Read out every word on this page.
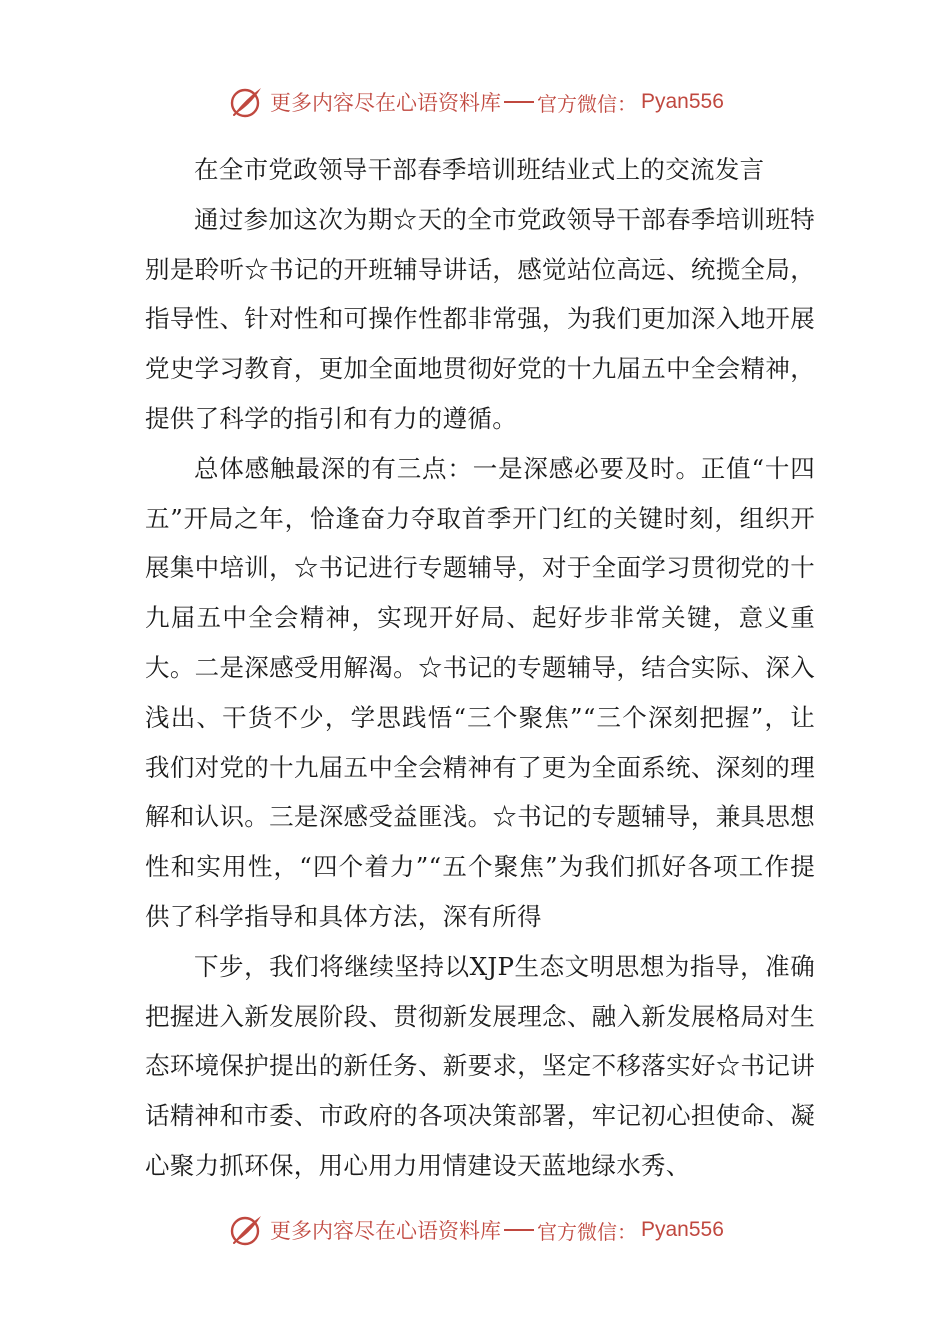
更多内容尽在心语资料库 官方微信： Pyan556

在全市党政领导干部春季培训班结业式上的交流发言

通过参加这次为期☆天的全市党政领导干部春季培训班特别是聆听☆书记的开班辅导讲话，感觉站位高远、统揽全局，指导性、针对性和可操作性都非常强，为我们更加深入地开展党史学习教育，更加全面地贯彻好党的十九届五中全会精神，提供了科学的指引和有力的遵循。

总体感触最深的有三点：一是深感必要及时。正值“十四五”开局之年，恰逢奋力夺取首季开门红的关键时刻，组织开展集中培训，☆书记进行专题辅导，对于全面学习贯彻党的十九届五中全会精神，实现开好局、起好步非常关键，意义重大。二是深感受用解渴。☆书记的专题辅导，结合实际、深入浅出、干货不少，学思践悟“三个聚焦”“三个深刻把握”，让我们对党的十九届五中全会精神有了更为全面系统、深刻的理解和认识。三是深感受益匪浅。☆书记的专题辅导，兼具思想性和实用性，“四个着力”“五个聚焦”为我们抓好各项工作提供了科学指导和具体方法，深有所得

下步，我们将继续坚持以XJP生态文明思想为指导，准确把握进入新发展阶段、贯彻新发展理念、融入新发展格局对生态环境保护提出的新任务、新要求，坚定不移落实好☆书记讲话精神和市委、市政府的各项决策部署，牢记初心担使命、凝心聚力抓环保，用心用力用情建设天蓝地绿水秀、

更多内容尽在心语资料库 官方微信： Pyan556
